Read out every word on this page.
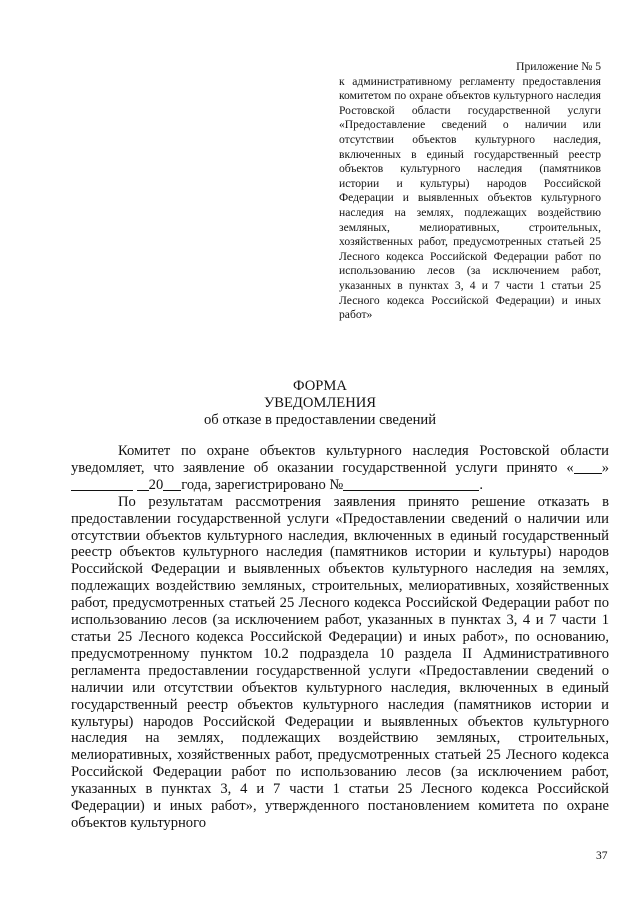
Приложение № 5
к административному регламенту предоставления комитетом по охране объектов культурного наследия Ростовской области государственной услуги «Предоставление сведений о наличии или отсутствии объектов культурного наследия, включенных в единый государственный реестр объектов культурного наследия (памятников истории и культуры) народов Российской Федерации и выявленных объектов культурного наследия на землях, подлежащих воздействию земляных, мелиоративных, строительных, хозяйственных работ, предусмотренных статьей 25 Лесного кодекса Российской Федерации работ по использованию лесов (за исключением работ, указанных в пунктах 3, 4 и 7 части 1 статьи 25 Лесного кодекса Российской Федерации) и иных работ»
ФОРМА
УВЕДОМЛЕНИЯ
об отказе в предоставлении сведений

Комитет по охране объектов культурного наследия Ростовской области уведомляет, что заявление об оказании государственной услуги принято « » 20 года, зарегистрировано №	.

По результатам рассмотрения заявления принято решение отказать в предоставлении государственной услуги «Предоставлении сведений о наличии или отсутствии объектов культурного наследия, включенных в единый государственный реестр объектов культурного наследия (памятников истории и культуры) народов Российской Федерации и выявленных объектов культурного наследия на землях, подлежащих воздействию земляных, строительных, мелиоративных, хозяйственных работ, предусмотренных статьей 25 Лесного кодекса Российской Федерации работ по использованию лесов (за исключением работ, указанных в пунктах 3, 4 и 7 части 1 статьи 25 Лесного кодекса Российской Федерации) и иных работ», по основанию, предусмотренному пунктом 10.2 подраздела 10 раздела II Административного регламента предоставлении государственной услуги «Предоставлении сведений о наличии или отсутствии объектов культурного наследия, включенных в единый государственный реестр объектов культурного наследия (памятников истории и культуры) народов Российской Федерации и выявленных объектов культурного наследия на землях, подлежащих воздействию земляных, строительных, мелиоративных, хозяйственных работ, предусмотренных статьей 25 Лесного кодекса Российской Федерации работ по использованию лесов (за исключением работ, указанных в пунктах 3, 4 и 7 части 1 статьи 25 Лесного кодекса Российской Федерации) и иных работ», утвержденного постановлением комитета по охране объектов культурного

37
